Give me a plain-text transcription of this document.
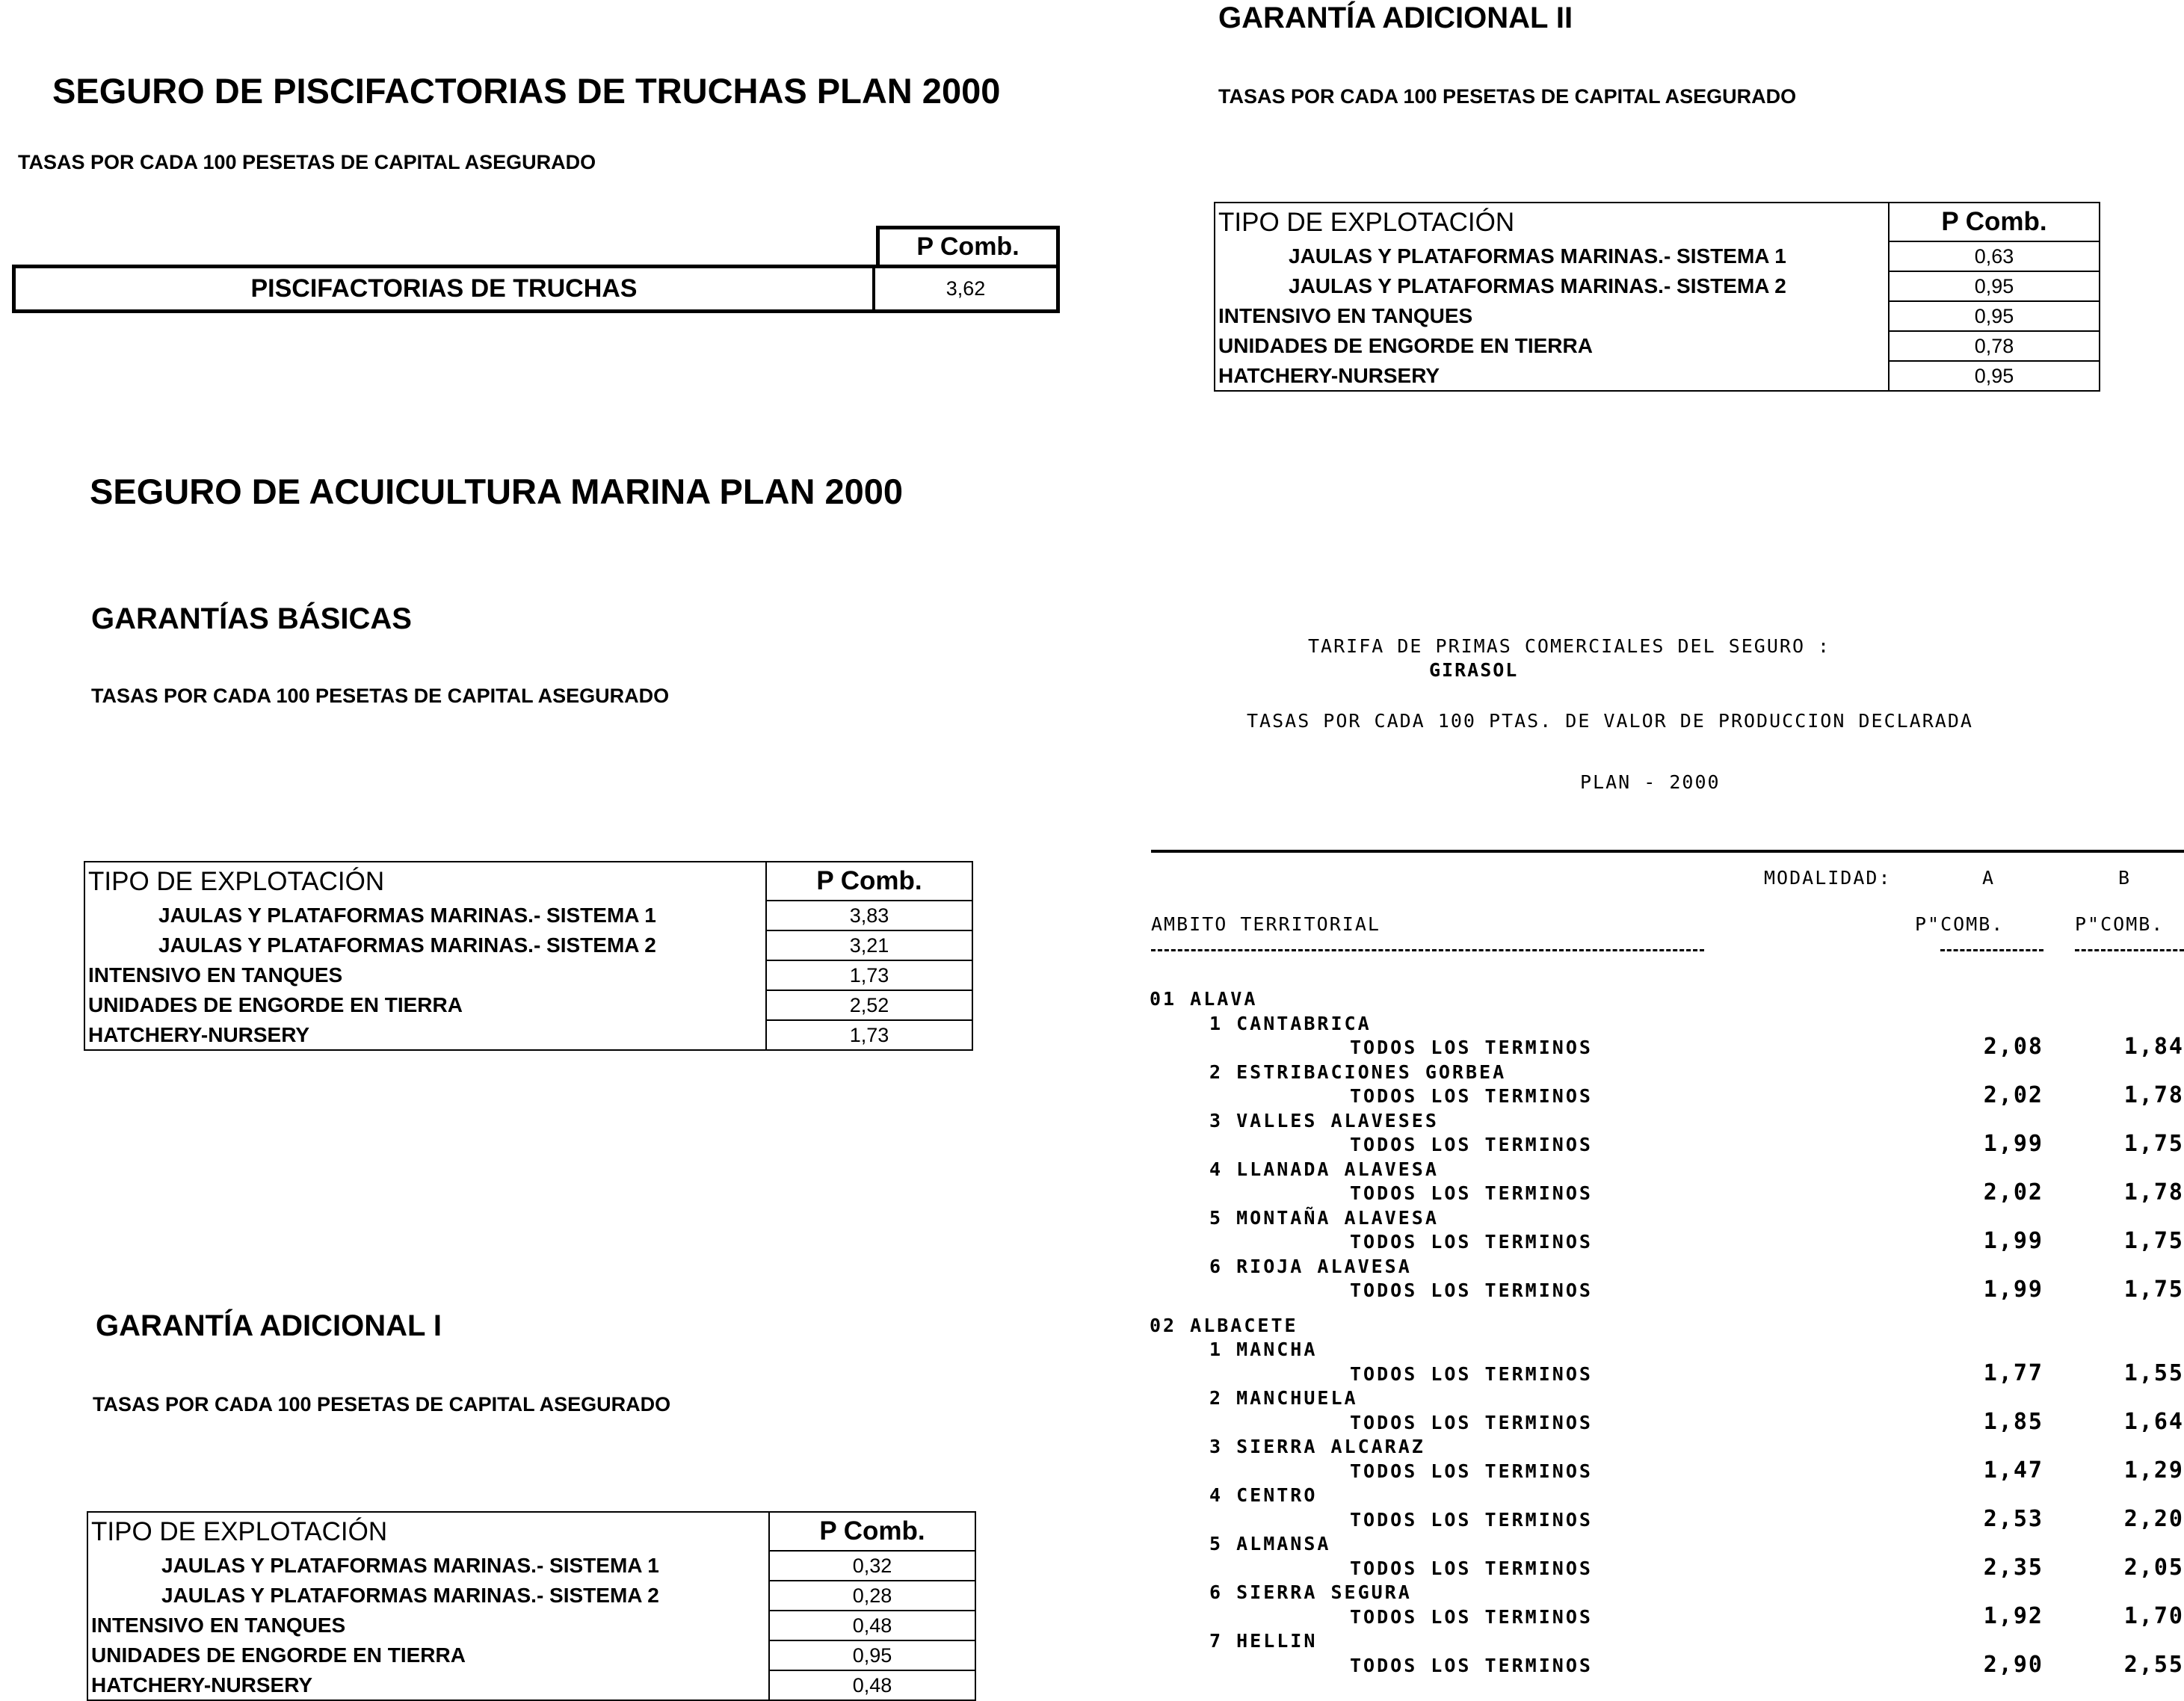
SEGURO DE PISCIFACTORIAS DE TRUCHAS PLAN 2000
TASAS POR CADA 100 PESETAS DE CAPITAL ASEGURADO
P Comb.
PISCIFACTORIAS DE TRUCHAS	3,62
SEGURO DE ACUICULTURA MARINA PLAN 2000
GARANTÍAS BÁSICAS
TASAS POR CADA 100 PESETAS DE CAPITAL ASEGURADO
TIPO DE EXPLOTACIÓN	P Comb.
JAULAS Y PLATAFORMAS MARINAS.- SISTEMA 1	3,83
JAULAS Y PLATAFORMAS MARINAS.- SISTEMA 2	3,21
INTENSIVO EN TANQUES	1,73
UNIDADES DE ENGORDE EN TIERRA	2,52
HATCHERY-NURSERY	1,73
GARANTÍA ADICIONAL I
TASAS POR CADA 100 PESETAS DE CAPITAL ASEGURADO
TIPO DE EXPLOTACIÓN	P Comb.
JAULAS Y PLATAFORMAS MARINAS.- SISTEMA 1	0,32
JAULAS Y PLATAFORMAS MARINAS.- SISTEMA 2	0,28
INTENSIVO EN TANQUES	0,48
UNIDADES DE ENGORDE EN TIERRA	0,95
HATCHERY-NURSERY	0,48
GARANTÍA ADICIONAL II
TASAS POR CADA 100 PESETAS DE CAPITAL ASEGURADO
TIPO DE EXPLOTACIÓN	P Comb.
JAULAS Y PLATAFORMAS MARINAS.- SISTEMA 1	0,63
JAULAS Y PLATAFORMAS MARINAS.- SISTEMA 2	0,95
INTENSIVO EN TANQUES	0,95
UNIDADES DE ENGORDE EN TIERRA	0,78
HATCHERY-NURSERY	0,95
TARIFA DE PRIMAS COMERCIALES DEL SEGURO :
GIRASOL
TASAS POR CADA 100 PTAS. DE VALOR DE PRODUCCION DECLARADA
PLAN - 2000
MODALIDAD:	A	B
AMBITO TERRITORIAL	P"COMB.	P"COMB.
01 ALAVA
1 CANTABRICA
TODOS LOS TERMINOS	2,08	1,84
2 ESTRIBACIONES GORBEA
TODOS LOS TERMINOS	2,02	1,78
3 VALLES ALAVESES
TODOS LOS TERMINOS	1,99	1,75
4 LLANADA ALAVESA
TODOS LOS TERMINOS	2,02	1,78
5 MONTAÑA ALAVESA
TODOS LOS TERMINOS	1,99	1,75
6 RIOJA ALAVESA
TODOS LOS TERMINOS	1,99	1,75
02 ALBACETE
1 MANCHA
TODOS LOS TERMINOS	1,77	1,55
2 MANCHUELA
TODOS LOS TERMINOS	1,85	1,64
3 SIERRA ALCARAZ
TODOS LOS TERMINOS	1,47	1,29
4 CENTRO
TODOS LOS TERMINOS	2,53	2,20
5 ALMANSA
TODOS LOS TERMINOS	2,35	2,05
6 SIERRA SEGURA
TODOS LOS TERMINOS	1,92	1,70
7 HELLIN
TODOS LOS TERMINOS	2,90	2,55
